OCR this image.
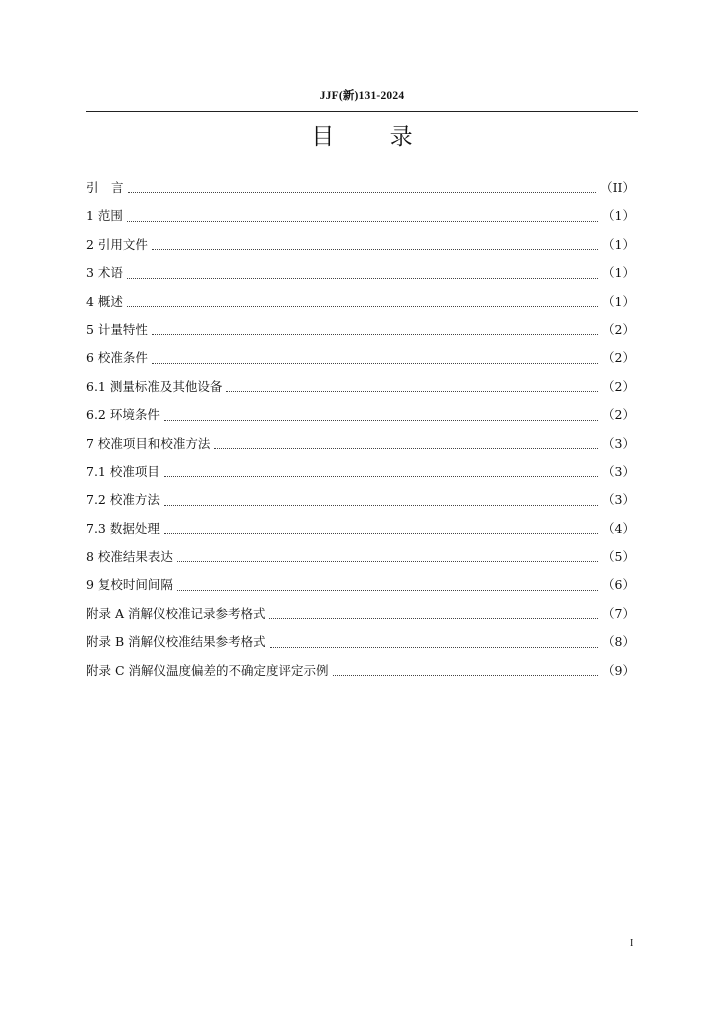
JJF(新)131-2024
目 录
引　言	（II）
1 范围	（1）
2 引用文件	（1）
3 术语	（1）
4 概述	（1）
5 计量特性	（2）
6 校准条件	（2）
6.1 测量标准及其他设备	（2）
6.2 环境条件	（2）
7 校准项目和校准方法	（3）
7.1 校准项目	（3）
7.2 校准方法	（3）
7.3 数据处理	（4）
8 校准结果表达	（5）
9 复校时间间隔	（6）
附录 A 消解仪校准记录参考格式	（7）
附录 B 消解仪校准结果参考格式	（8）
附录 C 消解仪温度偏差的不确定度评定示例	（9）
I
